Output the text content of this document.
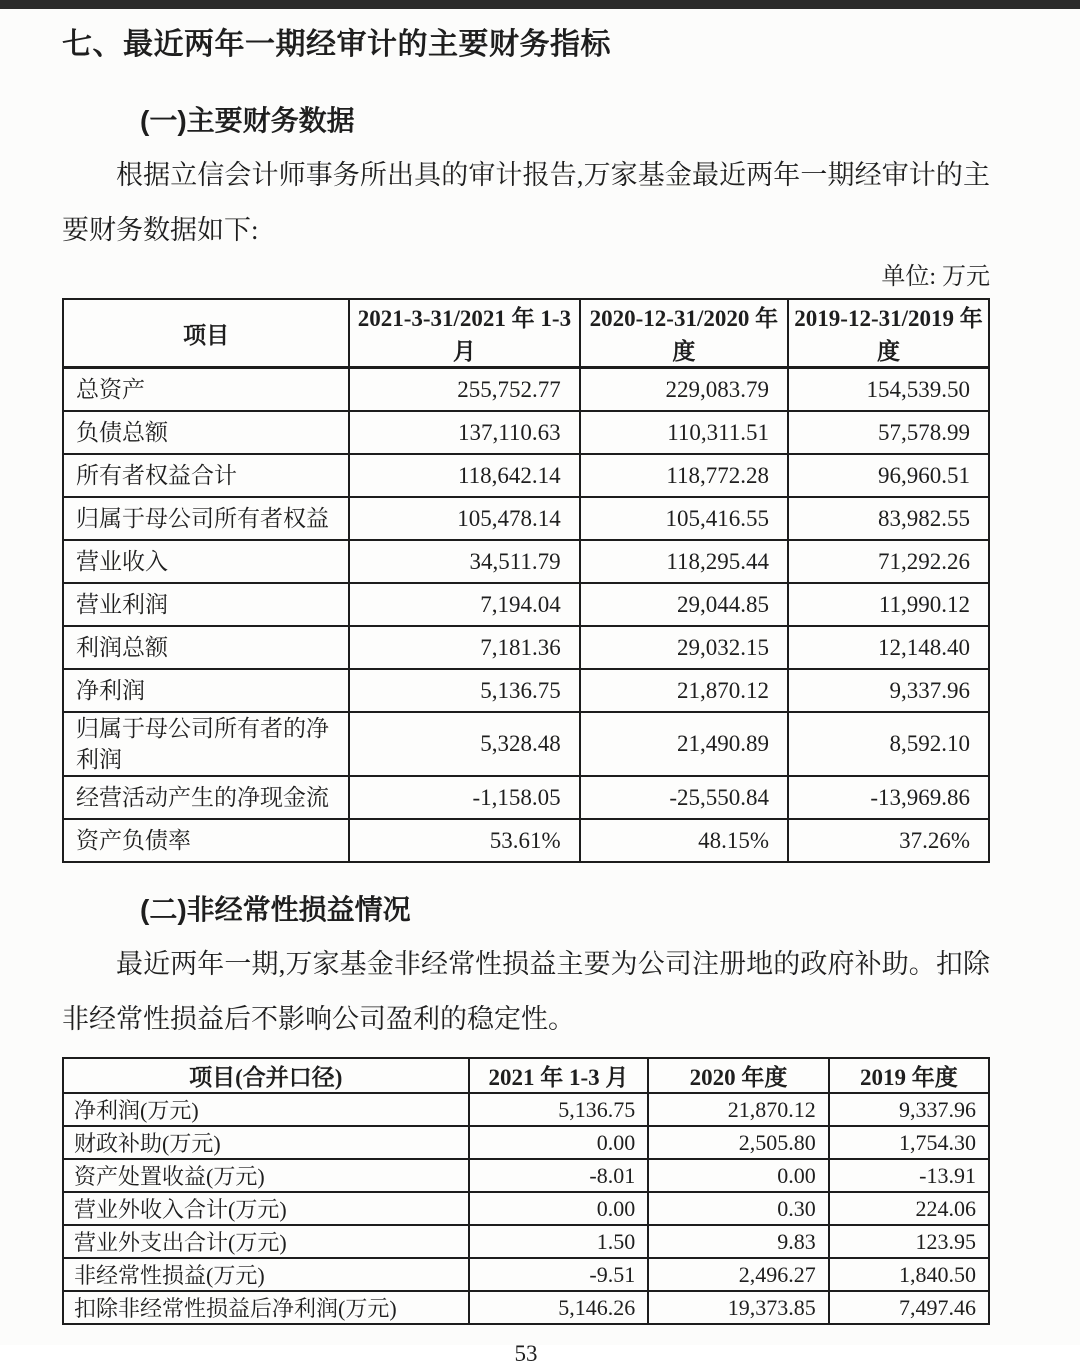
七、最近两年一期经审计的主要财务指标
(一)主要财务数据

根据立信会计师事务所出具的审计报告,万家基金最近两年一期经审计的主要财务数据如下:

单位: 万元
项目	2021-3-31/2021 年 1-3 月	2020-12-31/2020 年度	2019-12-31/2019 年度
总资产	255,752.77	229,083.79	154,539.50
负债总额	137,110.63	110,311.51	57,578.99
所有者权益合计	118,642.14	118,772.28	96,960.51
归属于母公司所有者权益	105,478.14	105,416.55	83,982.55
营业收入	34,511.79	118,295.44	71,292.26
营业利润	7,194.04	29,044.85	11,990.12
利润总额	7,181.36	29,032.15	12,148.40
净利润	5,136.75	21,870.12	9,337.96
归属于母公司所有者的净利润	5,328.48	21,490.89	8,592.10
经营活动产生的净现金流	-1,158.05	-25,550.84	-13,969.86
资产负债率	53.61%	48.15%	37.26%
(二)非经常性损益情况

最近两年一期,万家基金非经常性损益主要为公司注册地的政府补助。扣除非经常性损益后不影响公司盈利的稳定性。

项目(合并口径)	2021 年 1-3 月	2020 年度	2019 年度
净利润(万元)	5,136.75	21,870.12	9,337.96
财政补助(万元)	0.00	2,505.80	1,754.30
资产处置收益(万元)	-8.01	0.00	-13.91
营业外收入合计(万元)	0.00	0.30	224.06
营业外支出合计(万元)	1.50	9.83	123.95
非经常性损益(万元)	-9.51	2,496.27	1,840.50
扣除非经常性损益后净利润(万元)	5,146.26	19,373.85	7,497.46
53
